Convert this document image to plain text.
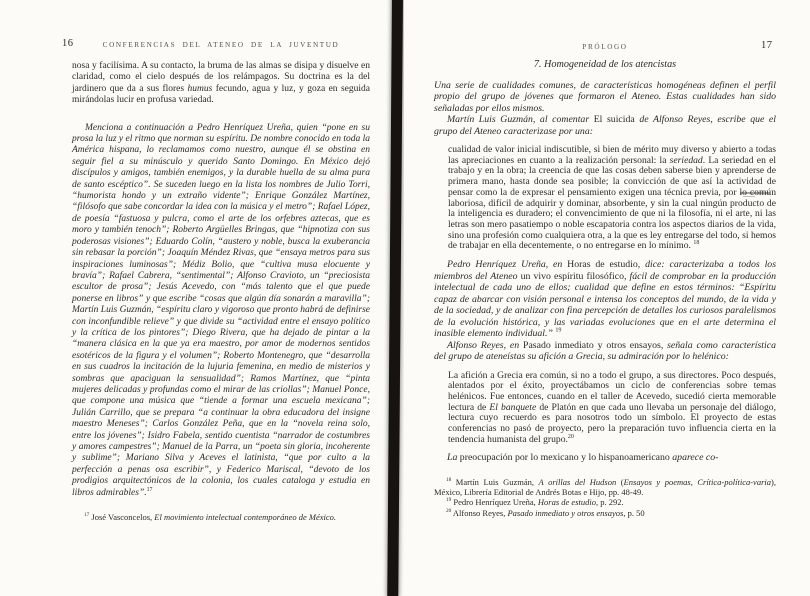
16	CONFERENCIAS DEL ATENEO DE LA JUVENTUD

nosa y facilísima. A su contacto, la bruma de las almas se disipa y disuelve en claridad, como el cielo después de los relámpagos. Su doctrina es la del jardinero que da a sus flores humus fecundo, agua y luz, y goza en seguida mirándolas lucir en profusa variedad.

Menciona a continuación a Pedro Henríquez Ureña, quien “pone en su prosa la luz y el ritmo que norman su espíritu. De nombre conocido en toda la América hispana, lo reclamamos como nuestro, aunque él se obstina en seguir fiel a su minúsculo y querido Santo Domingo. En México dejó discípulos y amigos, también enemigos, y la durable huella de su alma pura de santo escéptico”. Se suceden luego en la lista los nombres de Julio Torri, “humorista hondo y un extraño vidente”; Enrique González Martínez, “filósofo que sabe concordar la idea con la música y el metro”; Rafael López, de poesía “fastuosa y pulcra, como el arte de los orfebres aztecas, que es moro y también tenoch”; Roberto Argüelles Bringas, que “hipnotiza con sus poderosas visiones”; Eduardo Colín, “austero y noble, busca la exuberancia sin rebasar la porción”; Joaquín Méndez Rivas, que “ensaya metros para sus inspiraciones luminosas”; Médiz Bolio, que “cultiva musa elocuente y bravía”; Rafael Cabrera, “sentimental”; Alfonso Cravioto, un “preciosista escultor de prosa”; Jesús Acevedo, con “más talento que el que puede ponerse en libros” y que escribe “cosas que algún día sonarán a maravilla”; Martín Luis Guzmán, “espíritu claro y vigoroso que pronto habrá de definirse con inconfundible relieve” y que divide su “actividad entre el ensayo político y la crítica de los pintores”; Diego Rivera, que ha dejado de pintar a la “manera clásica en la que ya era maestro, por amor de modernos sentidos esotéricos de la figura y el volumen”; Roberto Montenegro, que “desarrolla en sus cuadros la incitación de la lujuria femenina, en medio de misterios y sombras que apaciguan la sensualidad”; Ramos Martínez, que “pinta mujeres delicadas y profundas como el mirar de las criollas”; Manuel Ponce, que compone una música que “tiende a formar una escuela mexicana”; Julián Carrillo, que se prepara “a continuar la obra educadora del insigne maestro Meneses”; Carlos González Peña, que en la “novela reina solo, entre los jóvenes”; Isidro Fabela, sentido cuentista “narrador de costumbres y amores campestres”; Manuel de la Parra, un “poeta sin gloria, incoherente y sublime”; Mariano Silva y Aceves el latinista, “que por culto a la perfección a penas osa escribir”, y Federico Mariscal, “devoto de los prodigios arquitectónicos de la colonia, los cuales cataloga y estudia en libros admirables”.$^{17}$

$^{17}$ José Vasconcelos, El movimiento intelectual contemporáneo de México.

PRÓLOGO	17

7. Homogeneidad de los atencistas

Una serie de cualidades comunes, de características homogéneas definen el perfil propio del grupo de jóvenes que formaron el Ateneo. Estas cualidades han sido señaladas por ellos mismos.

Martín Luis Guzmán, al comentar El suicida de Alfonso Reyes, escribe que el grupo del Ateneo caracterizase por una:

cualidad de valor inicial indiscutible, si bien de mérito muy diverso y abierto a todas las apreciaciones en cuanto a la realización personal: la seriedad. La seriedad en el trabajo y en la obra; la creencia de que las cosas deben saberse bien y aprenderse de primera mano, hasta donde sea posible; la convicción de que así la actividad de pensar como la de expresar el pensamiento exigen una técnica previa, por lo común laboriosa, difícil de adquirir y dominar, absorbente, y sin la cual ningún producto de la inteligencia es duradero; el convencimiento de que ni la filosofía, ni el arte, ni las letras son mero pasatiempo o noble escapatoria contra los aspectos diarios de la vida, sino una profesión como cualquiera otra, a la que es ley entregarse del todo, si hemos de trabajar en ella decentemente, o no entregarse en lo mínimo. $^{18}$

Pedro Henríquez Ureña, en Horas de estudio, dice: caracterizaba a todos los miembros del Ateneo un vivo espíritu filosófico, fácil de comprobar en la producción intelectual de cada uno de ellos; cualidad que define en estos términos: “Espíritu capaz de abarcar con visión personal e intensa los conceptos del mundo, de la vida y de la sociedad, y de analizar con fina percepción de detalles los curiosos paralelismos de la evolución histórica, y las variadas evoluciones que en el arte determina el inasible elemento individual.” $^{19}$

Alfonso Reyes, en Pasado inmediato y otros ensayos, señala como característica del grupo de ateneístas su afición a Grecia, su admiración por lo helénico:

La afición a Grecia era común, si no a todo el grupo, a sus directores. Poco después, alentados por el éxito, proyectábamos un ciclo de conferencias sobre temas helénicos. Fue entonces, cuando en el taller de Acevedo, sucedió cierta memorable lectura de El banquete de Platón en que cada uno llevaba un personaje del diálogo, lectura cuyo recuerdo es para nosotros todo un símbolo. El proyecto de estas conferencias no pasó de proyecto, pero la preparación tuvo influencia cierta en la tendencia humanista del grupo.$^{20}$

La preocupación por lo mexicano y lo hispanoamericano aparece co-

$^{18}$ Martín Luis Guzmán, A orillas del Hudson (Ensayos y poemas, Crítica-política-varia), México, Librería Editorial de Andrés Botas e Hijo, pp. 48-49.

$^{19}$ Pedro Henríquez Ureña, Horas de estudio, p. 292.

$^{20}$ Alfonso Reyes, Pasado inmediato y otros ensayos, p. 50
